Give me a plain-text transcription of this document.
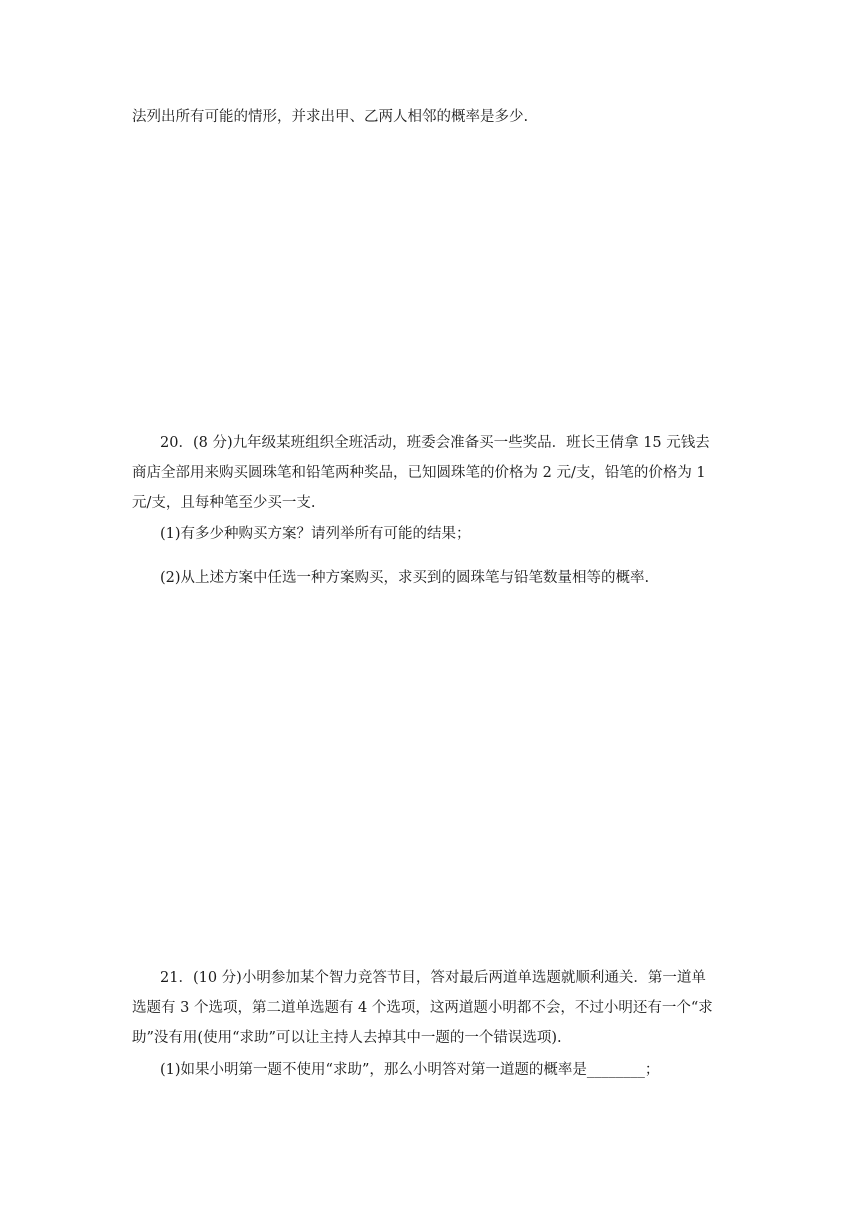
法列出所有可能的情形，并求出甲、乙两人相邻的概率是多少.
20．(8 分)九年级某班组织全班活动，班委会准备买一些奖品．班长王倩拿 15 元钱去
商店全部用来购买圆珠笔和铅笔两种奖品，已知圆珠笔的价格为 2 元/支，铅笔的价格为 1
元/支，且每种笔至少买一支.
(1)有多少种购买方案？请列举所有可能的结果；
(2)从上述方案中任选一种方案购买，求买到的圆珠笔与铅笔数量相等的概率.
21．(10 分)小明参加某个智力竞答节目，答对最后两道单选题就顺利通关．第一道单
选题有 3 个选项，第二道单选题有 4 个选项，这两道题小明都不会，不过小明还有一个“求
助”没有用(使用“求助”可以让主持人去掉其中一题的一个错误选项).
(1)如果小明第一题不使用“求助”，那么小明答对第一道题的概率是________；
